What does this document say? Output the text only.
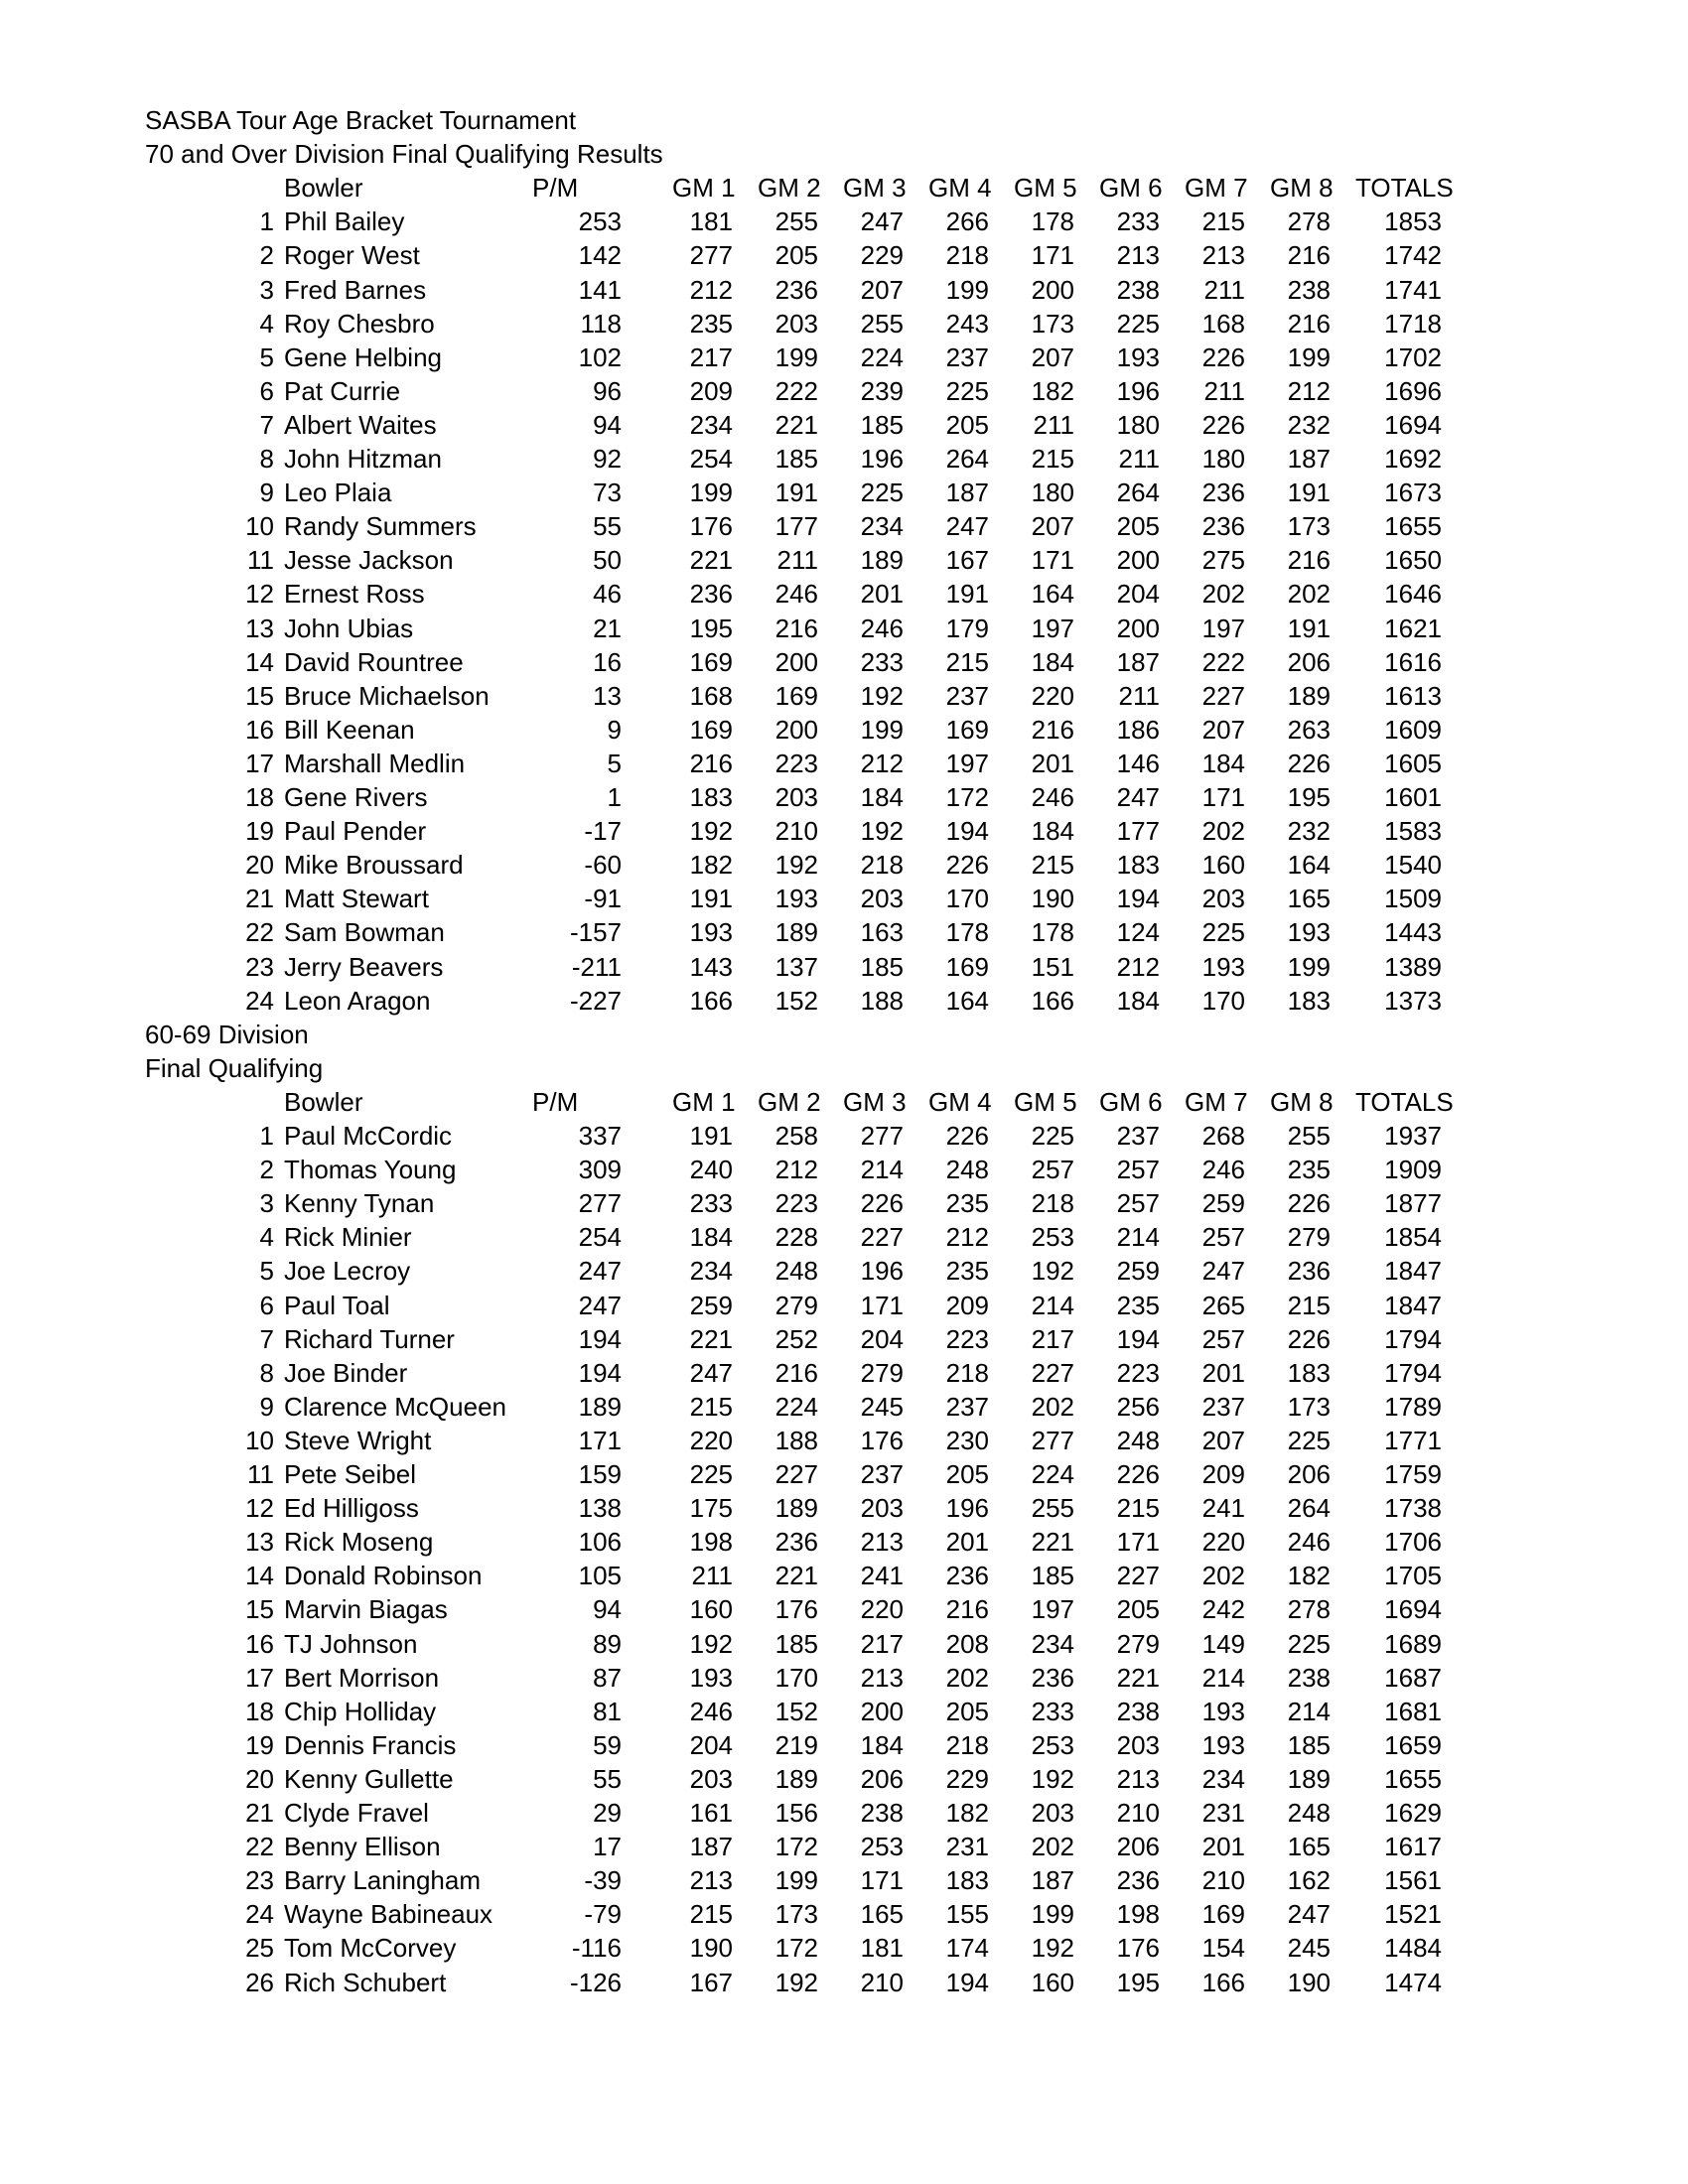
SASBA Tour Age Bracket Tournament
70 and Over Division Final Qualifying Results
Bowler	P/M	GM 1 GM 2 GM 3 GM 4 GM 5 GM 6 GM 7 GM 8 TOTALS
1 Phil Bailey	253	181 255 247 266 178 233 215 278 1853
2 Roger West	142	277 205 229 218 171 213 213 216 1742
3 Fred Barnes	141	212 236 207 199 200 238 211 238 1741
4 Roy Chesbro	118	235 203 255 243 173 225 168 216 1718
5 Gene Helbing	102	217 199 224 237 207 193 226 199 1702
6 Pat Currie	96	209 222 239 225 182 196 211 212 1696
7 Albert Waites	94	234 221 185 205 211 180 226 232 1694
8 John Hitzman	92	254 185 196 264 215 211 180 187 1692
9 Leo Plaia	73	199 191 225 187 180 264 236 191 1673
10 Randy Summers	55	176 177 234 247 207 205 236 173 1655
11 Jesse Jackson	50	221 211 189 167 171 200 275 216 1650
12 Ernest Ross	46	236 246 201 191 164 204 202 202 1646
13 John Ubias	21	195 216 246 179 197 200 197 191 1621
14 David Rountree	16	169 200 233 215 184 187 222 206 1616
15 Bruce Michaelson	13	168 169 192 237 220 211 227 189 1613
16 Bill Keenan	9	169 200 199 169 216 186 207 263 1609
17 Marshall Medlin	5	216 223 212 197 201 146 184 226 1605
18 Gene Rivers	1	183 203 184 172 246 247 171 195 1601
19 Paul Pender	-17	192 210 192 194 184 177 202 232 1583
20 Mike Broussard	-60	182 192 218 226 215 183 160 164 1540
21 Matt Stewart	-91	191 193 203 170 190 194 203 165 1509
22 Sam Bowman	-157	193 189 163 178 178 124 225 193 1443
23 Jerry Beavers	-211	143 137 185 169 151 212 193 199 1389
24 Leon Aragon	-227	166 152 188 164 166 184 170 183 1373
60-69 Division
Final Qualifying
Bowler	P/M	GM 1 GM 2 GM 3 GM 4 GM 5 GM 6 GM 7 GM 8 TOTALS
1 Paul McCordic	337	191 258 277 226 225 237 268 255 1937
2 Thomas Young	309	240 212 214 248 257 257 246 235 1909
3 Kenny Tynan	277	233 223 226 235 218 257 259 226 1877
4 Rick Minier	254	184 228 227 212 253 214 257 279 1854
5 Joe Lecroy	247	234 248 196 235 192 259 247 236 1847
6 Paul Toal	247	259 279 171 209 214 235 265 215 1847
7 Richard Turner	194	221 252 204 223 217 194 257 226 1794
8 Joe Binder	194	247 216 279 218 227 223 201 183 1794
9 Clarence McQueen	189	215 224 245 237 202 256 237 173 1789
10 Steve Wright	171	220 188 176 230 277 248 207 225 1771
11 Pete Seibel	159	225 227 237 205 224 226 209 206 1759
12 Ed Hilligoss	138	175 189 203 196 255 215 241 264 1738
13 Rick Moseng	106	198 236 213 201 221 171 220 246 1706
14 Donald Robinson	105	211 221 241 236 185 227 202 182 1705
15 Marvin Biagas	94	160 176 220 216 197 205 242 278 1694
16 TJ Johnson	89	192 185 217 208 234 279 149 225 1689
17 Bert Morrison	87	193 170 213 202 236 221 214 238 1687
18 Chip Holliday	81	246 152 200 205 233 238 193 214 1681
19 Dennis Francis	59	204 219 184 218 253 203 193 185 1659
20 Kenny Gullette	55	203 189 206 229 192 213 234 189 1655
21 Clyde Fravel	29	161 156 238 182 203 210 231 248 1629
22 Benny Ellison	17	187 172 253 231 202 206 201 165 1617
23 Barry Laningham	-39	213 199 171 183 187 236 210 162 1561
24 Wayne Babineaux	-79	215 173 165 155 199 198 169 247 1521
25 Tom McCorvey	-116	190 172 181 174 192 176 154 245 1484
26 Rich Schubert	-126	167 192 210 194 160 195 166 190 1474
